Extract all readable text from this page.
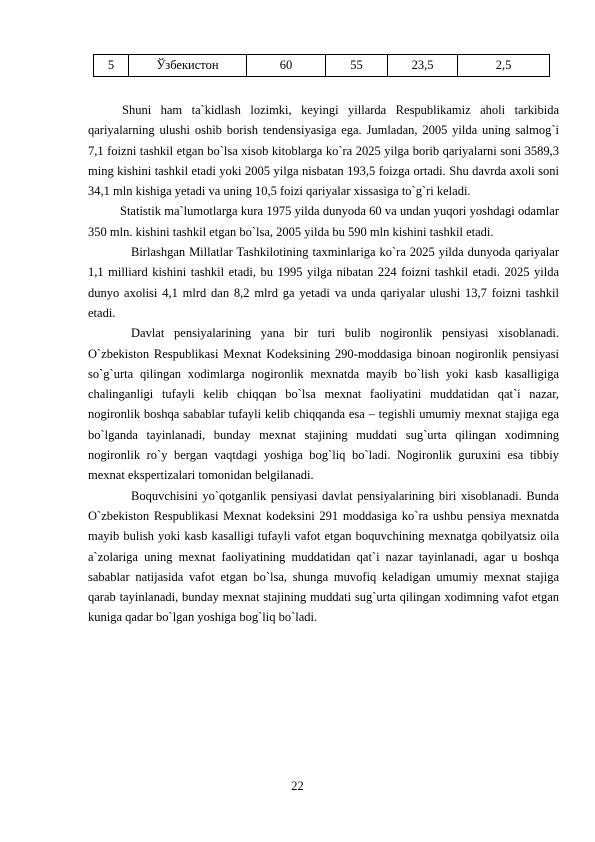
5	Ўзбекистон	60	55	23,5	2,5

Shuni ham ta`kidlash lozimki, keyingi yillarda Respublikamiz aholi tarkibida qariyalarning ulushi oshib borish tendensiyasiga ega. Jumladan, 2005 yilda uning salmog`i 7,1 foizni tashkil etgan bo`lsa xisob kitoblarga ko`ra 2025 yilga borib qariyalarni soni 3589,3 ming kishini tashkil etadi yoki 2005 yilga nisbatan 193,5 foizga ortadi. Shu davrda axoli soni 34,1 mln kishiga yetadi va uning 10,5 foizi qariyalar xissasiga to`g`ri keladi.

Statistik ma`lumotlarga kura 1975 yilda dunyoda 60 va undan yuqori yoshdagi odamlar 350 mln. kishini tashkil etgan bo`lsa, 2005 yilda bu 590 mln kishini tashkil etadi.

Birlashgan Millatlar Tashkilotining taxminlariga ko`ra 2025 yilda dunyoda qariyalar 1,1 milliard kishini tashkil etadi, bu 1995 yilga nibatan 224 foizni tashkil etadi. 2025 yilda dunyo axolisi 4,1 mlrd dan 8,2 mlrd ga yetadi va unda qariyalar ulushi 13,7 foizni tashkil etadi.

Davlat pensiyalarining yana bir turi bulib nogironlik pensiyasi xisoblanadi. O`zbekiston Respublikasi Mexnat Kodeksining 290-moddasiga binoan nogironlik pensiyasi so`g`urta qilingan xodimlarga nogironlik mexnatda mayib bo`lish yoki kasb kasalligiga chalinganligi tufayli kelib chiqqan bo`lsa mexnat faoliyatini muddatidan qat`i nazar, nogironlik boshqa sabablar tufayli kelib chiqqanda esa – tegishli umumiy mexnat stajiga ega bo`lganda tayinlanadi, bunday mexnat stajining muddati sug`urta qilingan xodimning nogironlik ro`y bergan vaqtdagi yoshiga bog`liq bo`ladi. Nogironlik guruxini esa tibbiy mexnat ekspertizalari tomonidan belgilanadi.

Boquvchisini yo`qotganlik pensiyasi davlat pensiyalarining biri xisoblanadi. Bunda O`zbekiston Respublikasi Mexnat kodeksini 291 moddasiga ko`ra ushbu pensiya mexnatda mayib bulish yoki kasb kasalligi tufayli vafot etgan boquvchining mexnatga qobilyatsiz oila a`zolariga uning mexnat faoliyatining muddatidan qat`i nazar tayinlanadi, agar u boshqa sabablar natijasida vafot etgan bo`lsa, shunga muvofiq keladigan umumiy mexnat stajiga qarab tayinlanadi, bunday mexnat stajining muddati sug`urta qilingan xodimning vafot etgan kuniga qadar bo`lgan yoshiga bog`liq bo`ladi.

22
